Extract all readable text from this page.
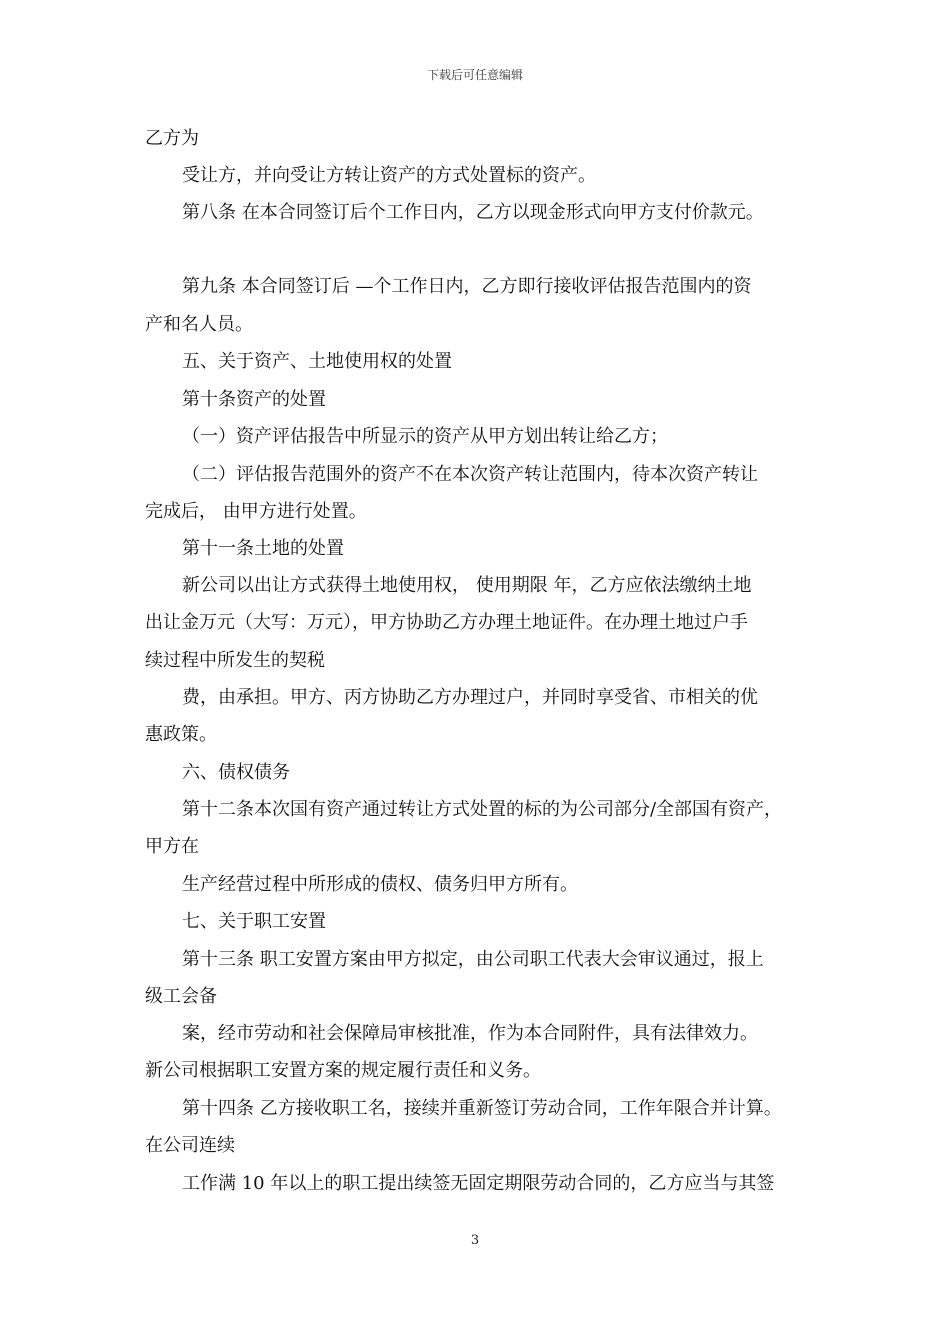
下载后可任意编辑
乙方为
受让方，并向受让方转让资产的方式处置标的资产。
第八条 在本合同签订后个工作日内，乙方以现金形式向甲方支付价款元。
第九条 本合同签订后 —个工作日内，乙方即行接收评估报告范围内的资
产和名人员。
五、关于资产、土地使用权的处置
第十条资产的处置
（一）资产评估报告中所显示的资产从甲方划出转让给乙方；
（二）评估报告范围外的资产不在本次资产转让范围内，待本次资产转让
完成后， 由甲方进行处置。
第十一条土地的处置
新公司以出让方式获得土地使用权， 使用期限 年，乙方应依法缴纳土地
出让金万元（大写：万元），甲方协助乙方办理土地证件。在办理土地过户手
续过程中所发生的契税
费，由承担。甲方、丙方协助乙方办理过户，并同时享受省、市相关的优
惠政策。
六、债权债务
第十二条本次国有资产通过转让方式处置的标的为公司部分/全部国有资产，
甲方在
生产经营过程中所形成的债权、债务归甲方所有。
七、关于职工安置
第十三条 职工安置方案由甲方拟定，由公司职工代表大会审议通过，报上
级工会备
案，经市劳动和社会保障局审核批准，作为本合同附件，具有法律效力。
新公司根据职工安置方案的规定履行责任和义务。
第十四条 乙方接收职工名，接续并重新签订劳动合同，工作年限合并计算。
在公司连续
工作满 10 年以上的职工提出续签无固定期限劳动合同的，乙方应当与其签
3
